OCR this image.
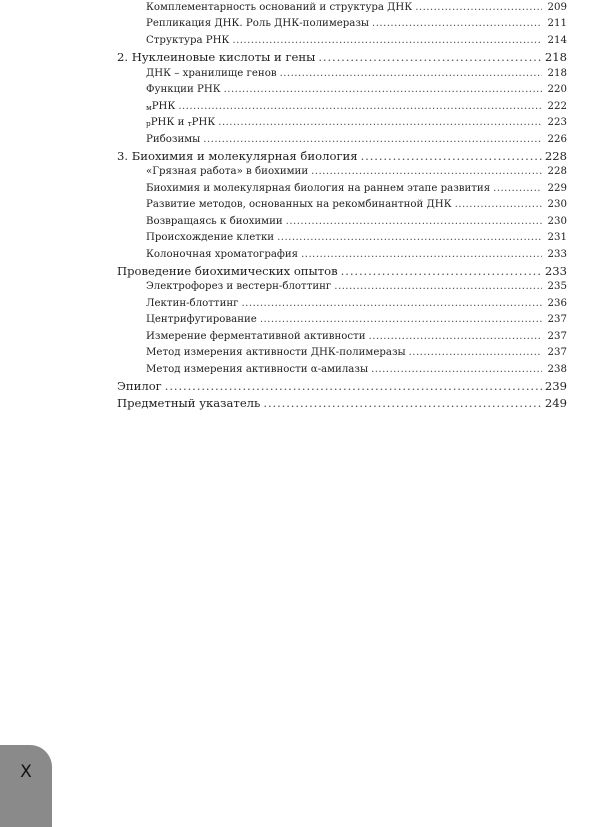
Комплементарность оснований и структура ДНК . . .	209
Репликация ДНК. Роль ДНК-полимеразы . . .	211
Структура РНК . . .	214
2. Нуклеиновые кислоты и гены . . .	218
ДНК – хранилище генов . . .	218
Функции РНК . . .	220
мРНК . . .	222
рРНК и тРНК . . .	223
Рибозимы . . .	226
3. Биохимия и молекулярная биология . . .	228
«Грязная работа» в биохимии . . .	228
Биохимия и молекулярная биология на раннем этапе развития . . .	229
Развитие методов, основанных на рекомбинантной ДНК . . .	230
Возвращаясь к биохимии . . .	230
Происхождение клетки . . .	231
Колоночная хроматография . . .	233
Проведение биохимических опытов . . .	233
Электрофорез и вестерн-блоттинг . . .	235
Лектин-блоттинг . . .	236
Центрифугирование . . .	237
Измерение ферментативной активности . . .	237
Метод измерения активности ДНК-полимеразы . . .	237
Метод измерения активности α-амилазы . . .	238
Эпилог . . .	239
Предметный указатель . . .	249
X
